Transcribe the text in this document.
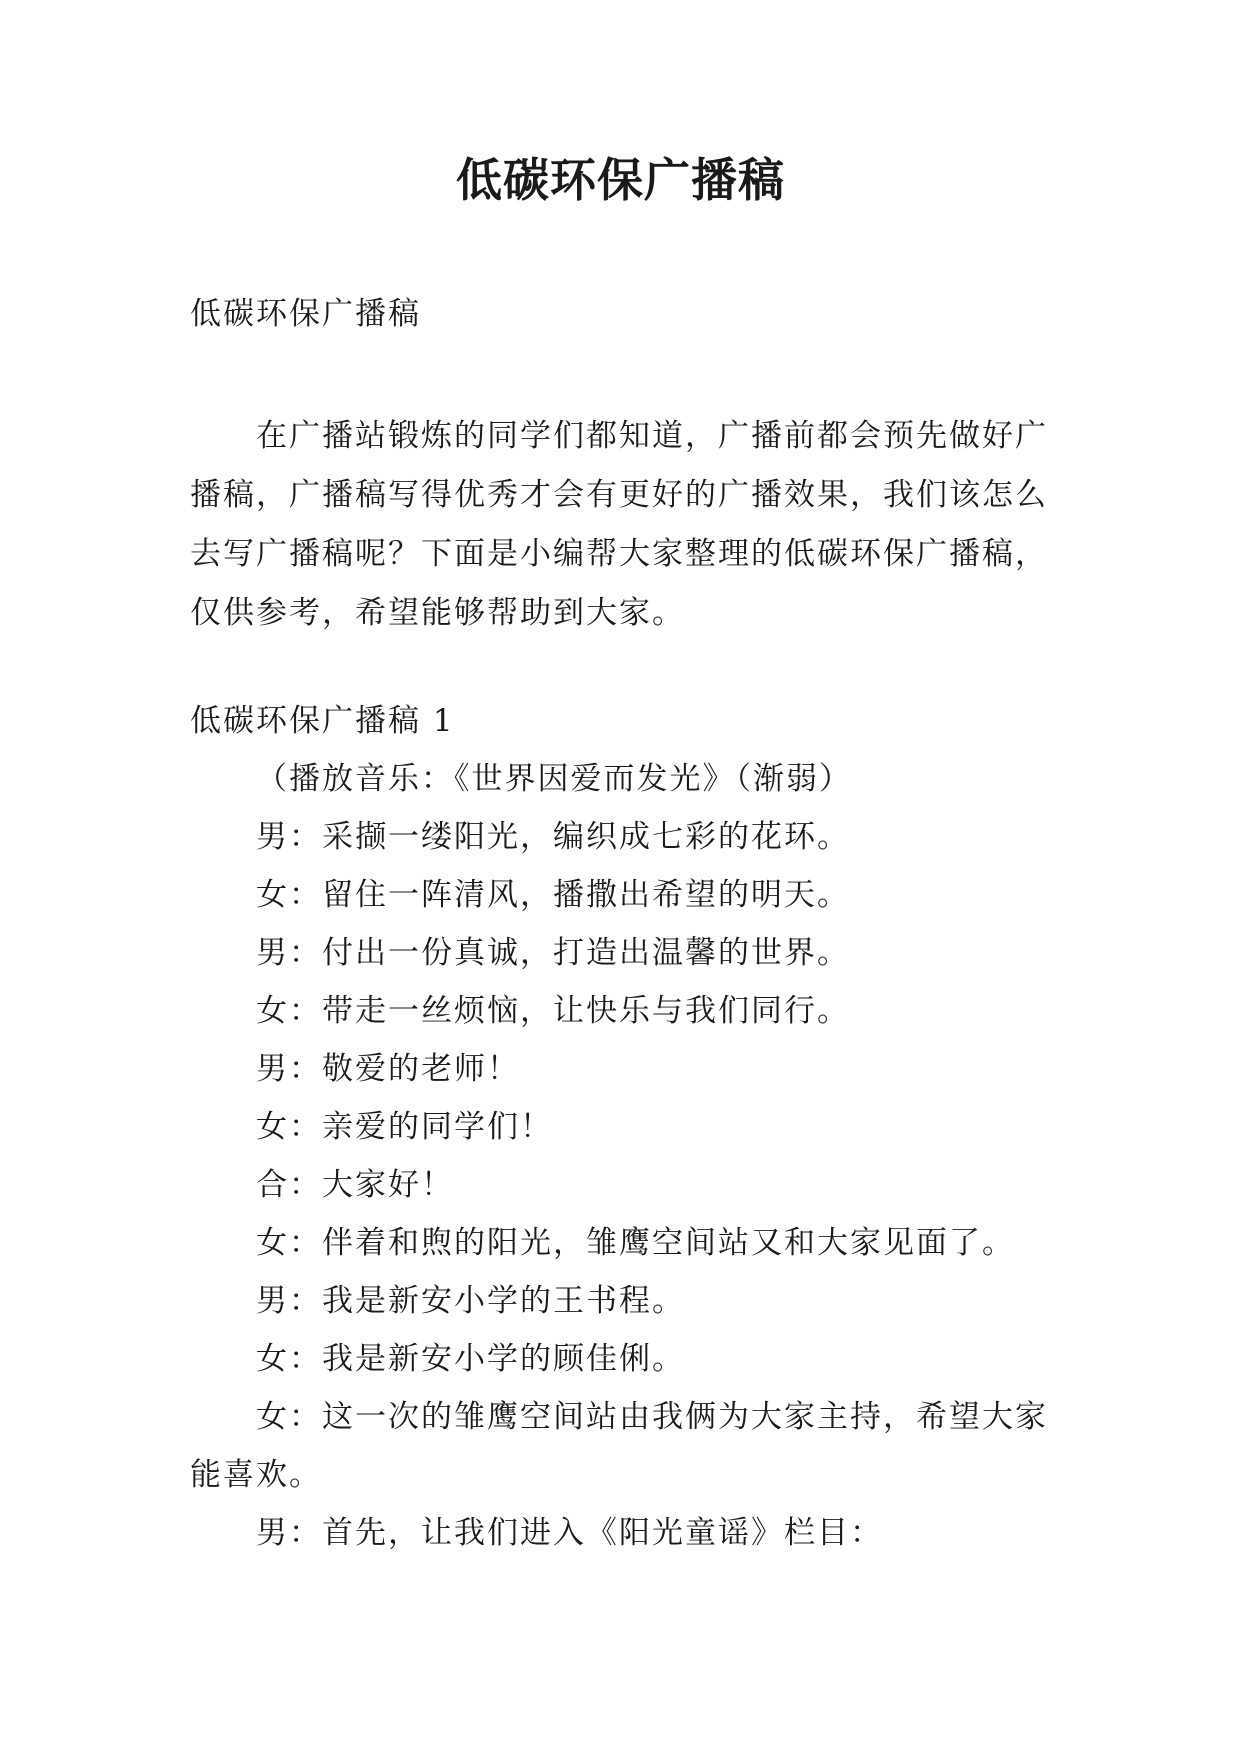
低碳环保广播稿

低碳环保广播稿

在广播站锻炼的同学们都知道，广播前都会预先做好广播稿，广播稿写得优秀才会有更好的广播效果，我们该怎么去写广播稿呢？下面是小编帮大家整理的低碳环保广播稿，仅供参考，希望能够帮助到大家。

低碳环保广播稿 1

（播放音乐：《世界因爱而发光》（渐弱）

男：采撷一缕阳光，编织成七彩的花环。

女：留住一阵清风，播撒出希望的明天。

男：付出一份真诚，打造出温馨的世界。

女：带走一丝烦恼，让快乐与我们同行。

男：敬爱的老师！

女：亲爱的同学们！

合：大家好！

女：伴着和煦的阳光，雏鹰空间站又和大家见面了。

男：我是新安小学的王书程。

女：我是新安小学的顾佳俐。

女：这一次的雏鹰空间站由我俩为大家主持，希望大家能喜欢。

男：首先，让我们进入《阳光童谣》栏目：
